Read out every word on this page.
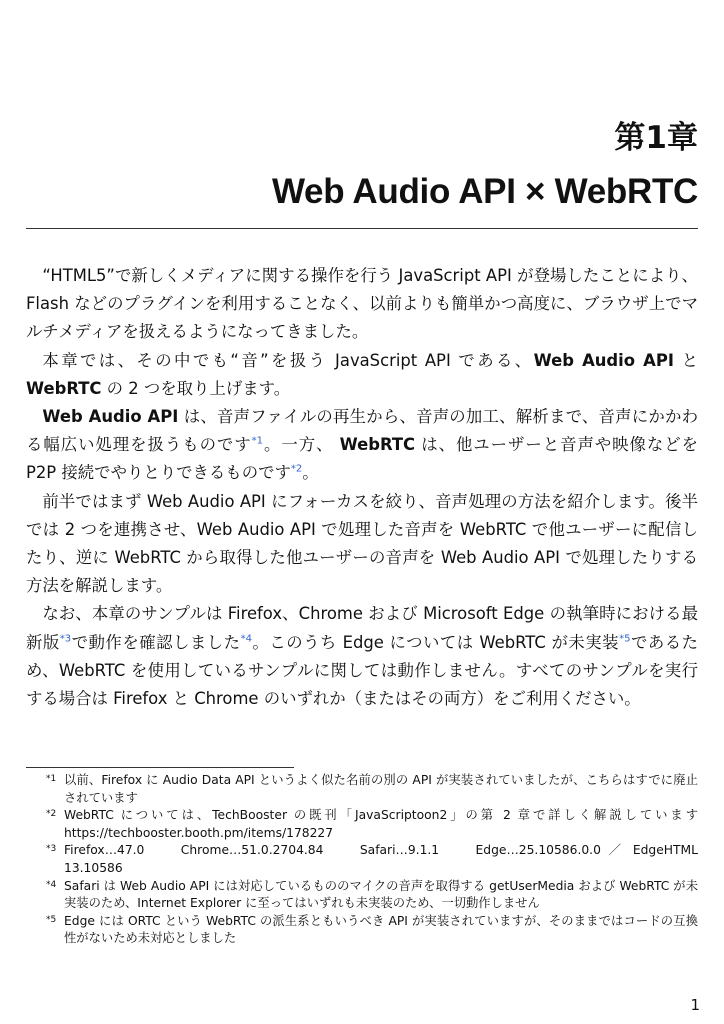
第1章
Web Audio API × WebRTC

“HTML5”で新しくメディアに関する操作を行う JavaScript API が登場したことにより、Flash などのプラグインを利用することなく、以前よりも簡単かつ高度に、ブラウザ上でマルチメディアを扱えるようになってきました。

本章では、その中でも“音”を扱う JavaScript API である、Web Audio API と WebRTC の 2 つを取り上げます。

Web Audio API は、音声ファイルの再生から、音声の加工、解析まで、音声にかかわる幅広い処理を扱うものです$^{*1}$。一方、 WebRTC は、他ユーザーと音声や映像などを P2P 接続でやりとりできるものです$^{*2}$。

前半ではまず Web Audio API にフォーカスを絞り、音声処理の方法を紹介します。後半では 2 つを連携させ、Web Audio API で処理した音声を WebRTC で他ユーザーに配信したり、逆に WebRTC から取得した他ユーザーの音声を Web Audio API で処理したりする方法を解説します。

なお、本章のサンプルは Firefox、Chrome および Microsoft Edge の執筆時における最新版$^{*3}$で動作を確認しました$^{*4}$。このうち Edge については WebRTC が未実装$^{*5}$であるため、WebRTC を使用しているサンプルに関しては動作しません。すべてのサンプルを実行する場合は Firefox と Chrome のいずれか（またはその両方）をご利用ください。

*1 以前、Firefox に Audio Data API というよく似た名前の別の API が実装されていましたが、こちらはすでに廃止されています
*2 WebRTC については、TechBooster の既刊「JavaScriptoon2」の第 2 章で詳しく解説しています https://techbooster.booth.pm/items/178227
*3 Firefox…47.0　　Chrome…51.0.2704.84　　Safari…9.1.1　　Edge…25.10586.0.0 ／ EdgeHTML 13.10586
*4 Safari は Web Audio API には対応しているもののマイクの音声を取得する getUserMedia および WebRTC が未実装のため、Internet Explorer に至ってはいずれも未実装のため、一切動作しません
*5 Edge には ORTC という WebRTC の派生系ともいうべき API が実装されていますが、そのままではコードの互換性がないため未対応としました
1
